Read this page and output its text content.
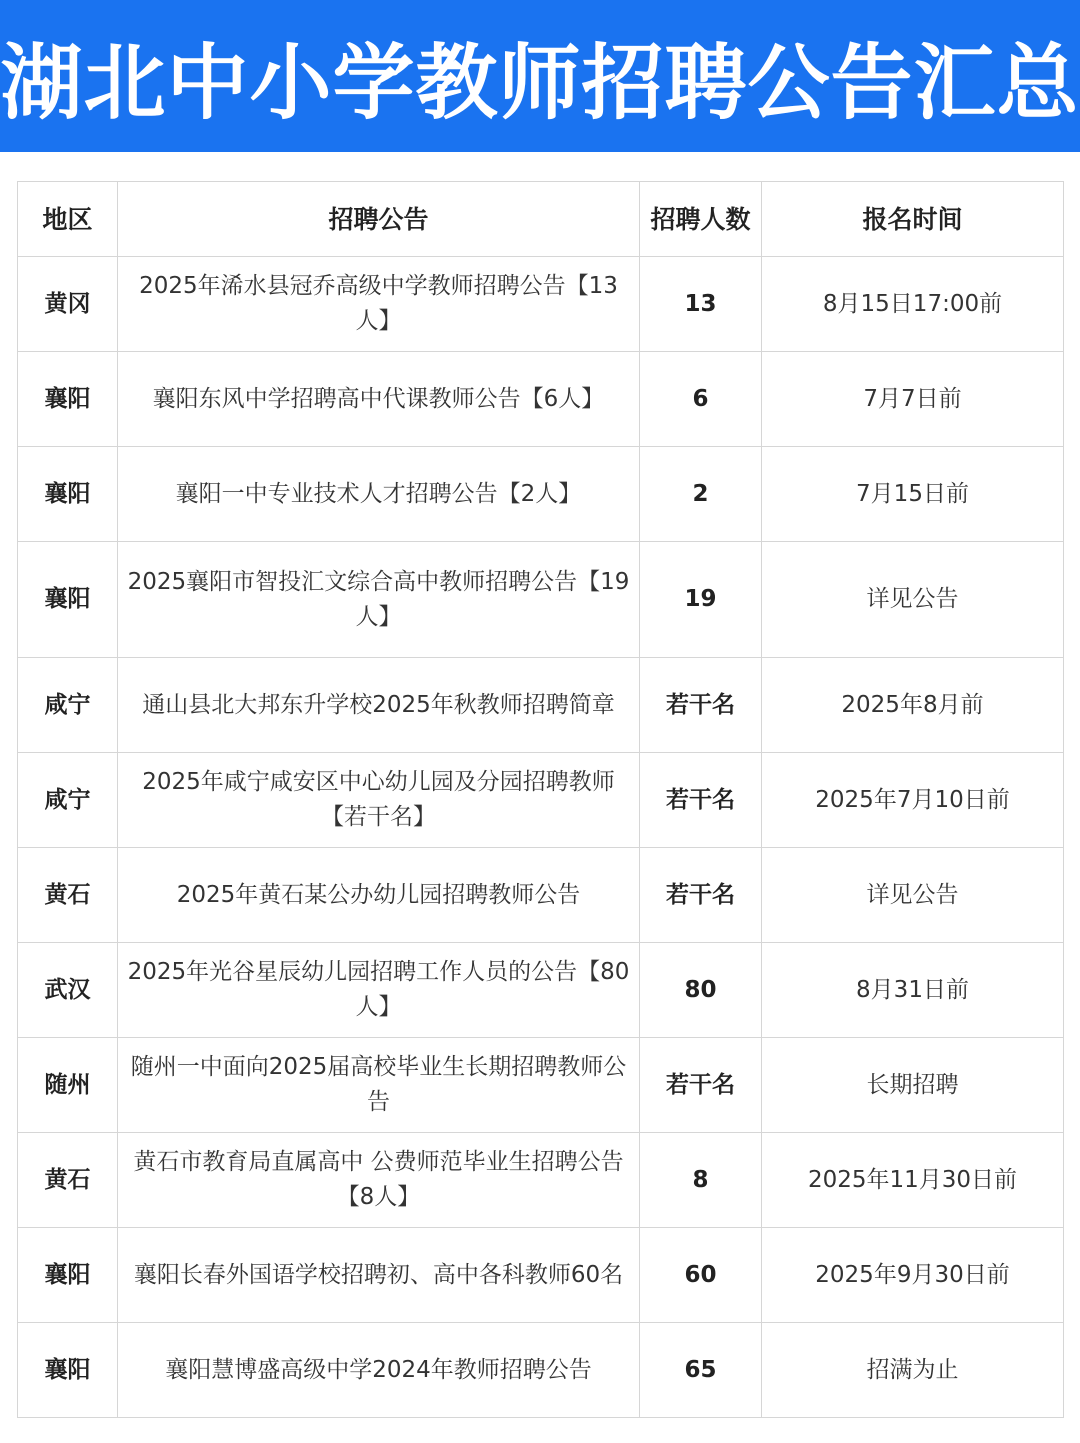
湖北中小学教师招聘公告汇总
地区	招聘公告	招聘人数	报名时间
黄冈	2025年浠水县冠乔高级中学教师招聘公告【13人】	13	8月15日17:00前
襄阳	襄阳东风中学招聘高中代课教师公告【6人】	6	7月7日前
襄阳	襄阳一中专业技术人才招聘公告【2人】	2	7月15日前
襄阳	2025襄阳市智投汇文综合高中教师招聘公告【19人】	19	详见公告
咸宁	通山县北大邦东升学校2025年秋教师招聘简章	若干名	2025年8月前
咸宁	2025年咸宁咸安区中心幼儿园及分园招聘教师【若干名】	若干名	2025年7月10日前
黄石	2025年黄石某公办幼儿园招聘教师公告	若干名	详见公告
武汉	2025年光谷星辰幼儿园招聘工作人员的公告【80人】	80	8月31日前
随州	随州一中面向2025届高校毕业生长期招聘教师公告	若干名	长期招聘
黄石	黄石市教育局直属高中 公费师范毕业生招聘公告【8人】	8	2025年11月30日前
襄阳	襄阳长春外国语学校招聘初、高中各科教师60名	60	2025年9月30日前
襄阳	襄阳慧博盛高级中学2024年教师招聘公告	65	招满为止
